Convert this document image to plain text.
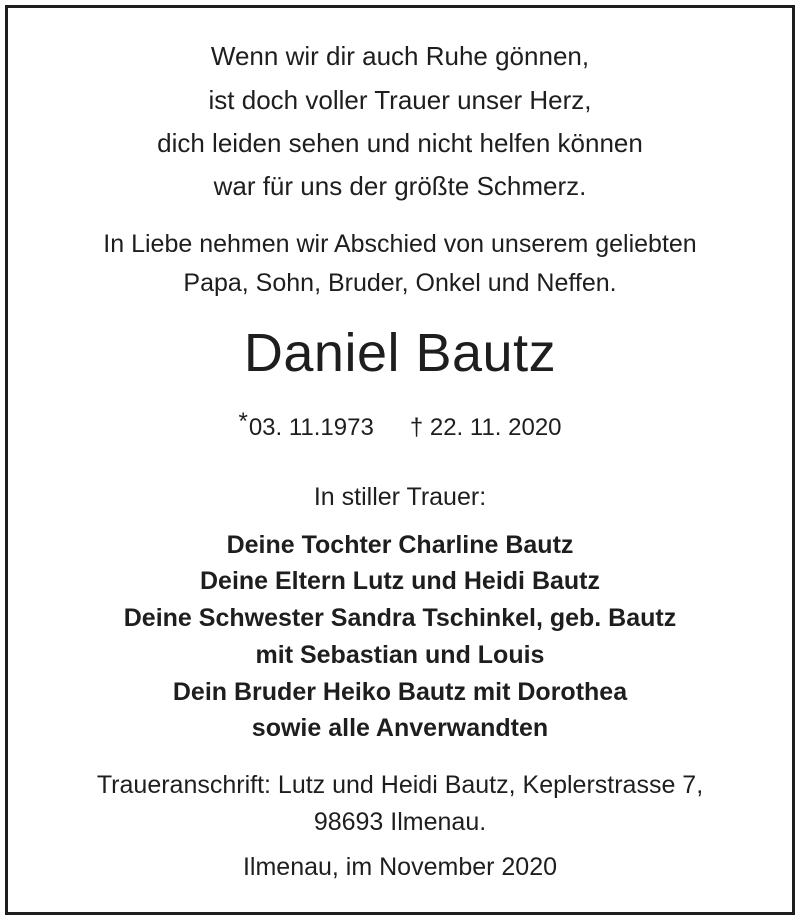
Wenn wir dir auch Ruhe gönnen,
ist doch voller Trauer unser Herz,
dich leiden sehen und nicht helfen können
war für uns der größte Schmerz.
In Liebe nehmen wir Abschied von unserem geliebten
Papa, Sohn, Bruder, Onkel und Neffen.
Daniel Bautz
*03. 11.1973 † 22. 11. 2020
In stiller Trauer:
Deine Tochter Charline Bautz
Deine Eltern Lutz und Heidi Bautz
Deine Schwester Sandra Tschinkel, geb. Bautz
mit Sebastian und Louis
Dein Bruder Heiko Bautz mit Dorothea
sowie alle Anverwandten
Traueranschrift: Lutz und Heidi Bautz, Keplerstrasse 7,
98693 Ilmenau.
Ilmenau, im November 2020
